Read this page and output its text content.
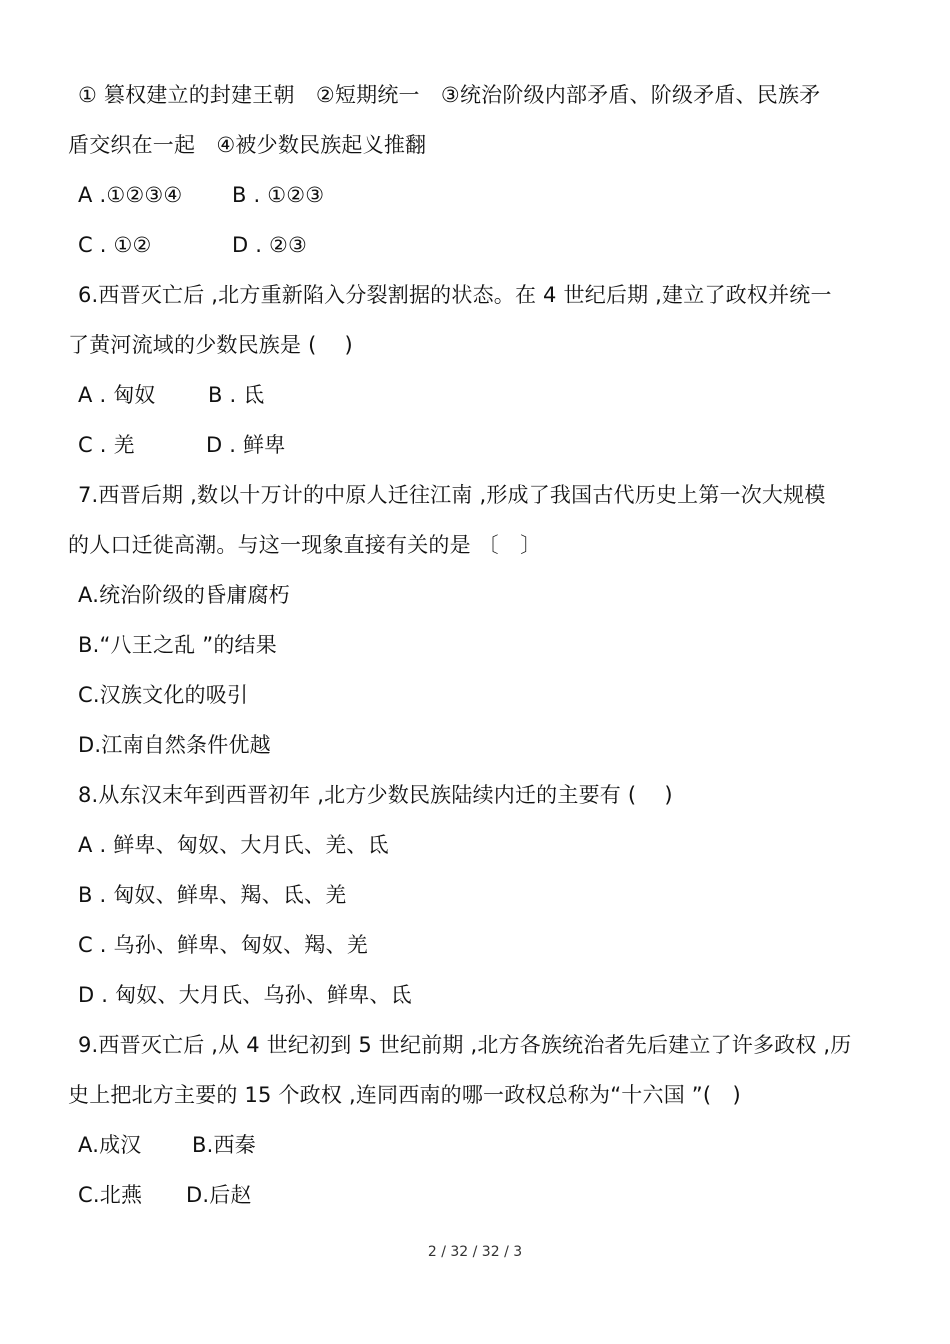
① 篡权建立的封建王朝　②短期统一　③统治阶级内部矛盾、阶级矛盾、民族矛
盾交织在一起　④被少数民族起义推翻
A .①②③④ B . ①②③
C . ①②	D . ②③
6.西晋灭亡后 ,北方重新陷入分裂割据的状态。在 4 世纪后期 ,建立了政权并统一
了黄河流域的少数民族是 (　 )
A . 匈奴 B . 氐
C . 羌	D . 鲜卑
7.西晋后期 ,数以十万计的中原人迁往江南 ,形成了我国古代历史上第一次大规模
的人口迁徙高潮。与这一现象直接有关的是 〔　〕
A.统治阶级的昏庸腐朽
B.“八王之乱 ”的结果
C.汉族文化的吸引
D.江南自然条件优越
8.从东汉末年到西晋初年 ,北方少数民族陆续内迁的主要有 (　 )
A . 鲜卑、匈奴、大月氏、羌、氐
B . 匈奴、鲜卑、羯、氐、羌
C . 乌孙、鲜卑、匈奴、羯、羌
D . 匈奴、大月氏、乌孙、鲜卑、氐
9.西晋灭亡后 ,从 4 世纪初到 5 世纪前期 ,北方各族统治者先后建立了许多政权 ,历
史上把北方主要的 15 个政权 ,连同西南的哪一政权总称为“十六国 ”(　)
A.成汉 B.西秦
C.北燕 D.后赵
2 / 32 / 32 / 3
